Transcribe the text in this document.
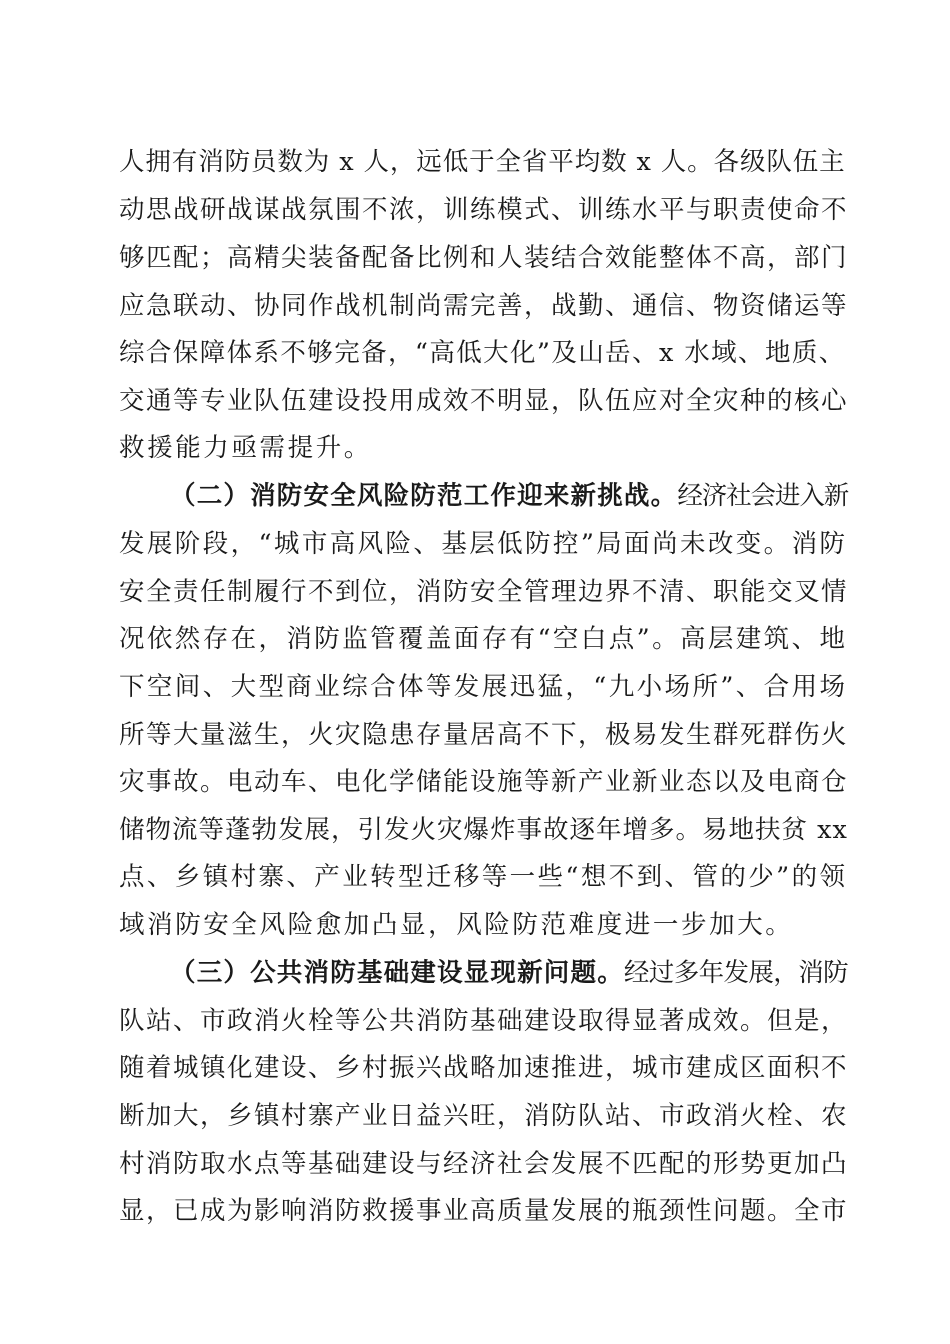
人拥有消防员数为 x 人，远低于全省平均数 x 人。各级队伍主
动思战研战谋战氛围不浓，训练模式、训练水平与职责使命不
够匹配；高精尖装备配备比例和人装结合效能整体不高，部门
应急联动、协同作战机制尚需完善，战勤、通信、物资储运等
综合保障体系不够完备，“高低大化”及山岳、x 水域、地质、
交通等专业队伍建设投用成效不明显，队伍应对全灾种的核心
救援能力亟需提升。
（二）消防安全风险防范工作迎来新挑战。经济社会进入新
发展阶段，“城市高风险、基层低防控”局面尚未改变。消防
安全责任制履行不到位，消防安全管理边界不清、职能交叉情
况依然存在，消防监管覆盖面存有“空白点”。高层建筑、地
下空间、大型商业综合体等发展迅猛，“九小场所”、合用场
所等大量滋生，火灾隐患存量居高不下，极易发生群死群伤火
灾事故。电动车、电化学储能设施等新产业新业态以及电商仓
储物流等蓬勃发展，引发火灾爆炸事故逐年增多。易地扶贫 xx
点、乡镇村寨、产业转型迁移等一些“想不到、管的少”的领
域消防安全风险愈加凸显，风险防范难度进一步加大。
（三）公共消防基础建设显现新问题。经过多年发展，消防
队站、市政消火栓等公共消防基础建设取得显著成效。但是，
随着城镇化建设、乡村振兴战略加速推进，城市建成区面积不
断加大，乡镇村寨产业日益兴旺，消防队站、市政消火栓、农
村消防取水点等基础建设与经济社会发展不匹配的形势更加凸
显，已成为影响消防救援事业高质量发展的瓶颈性问题。全市
